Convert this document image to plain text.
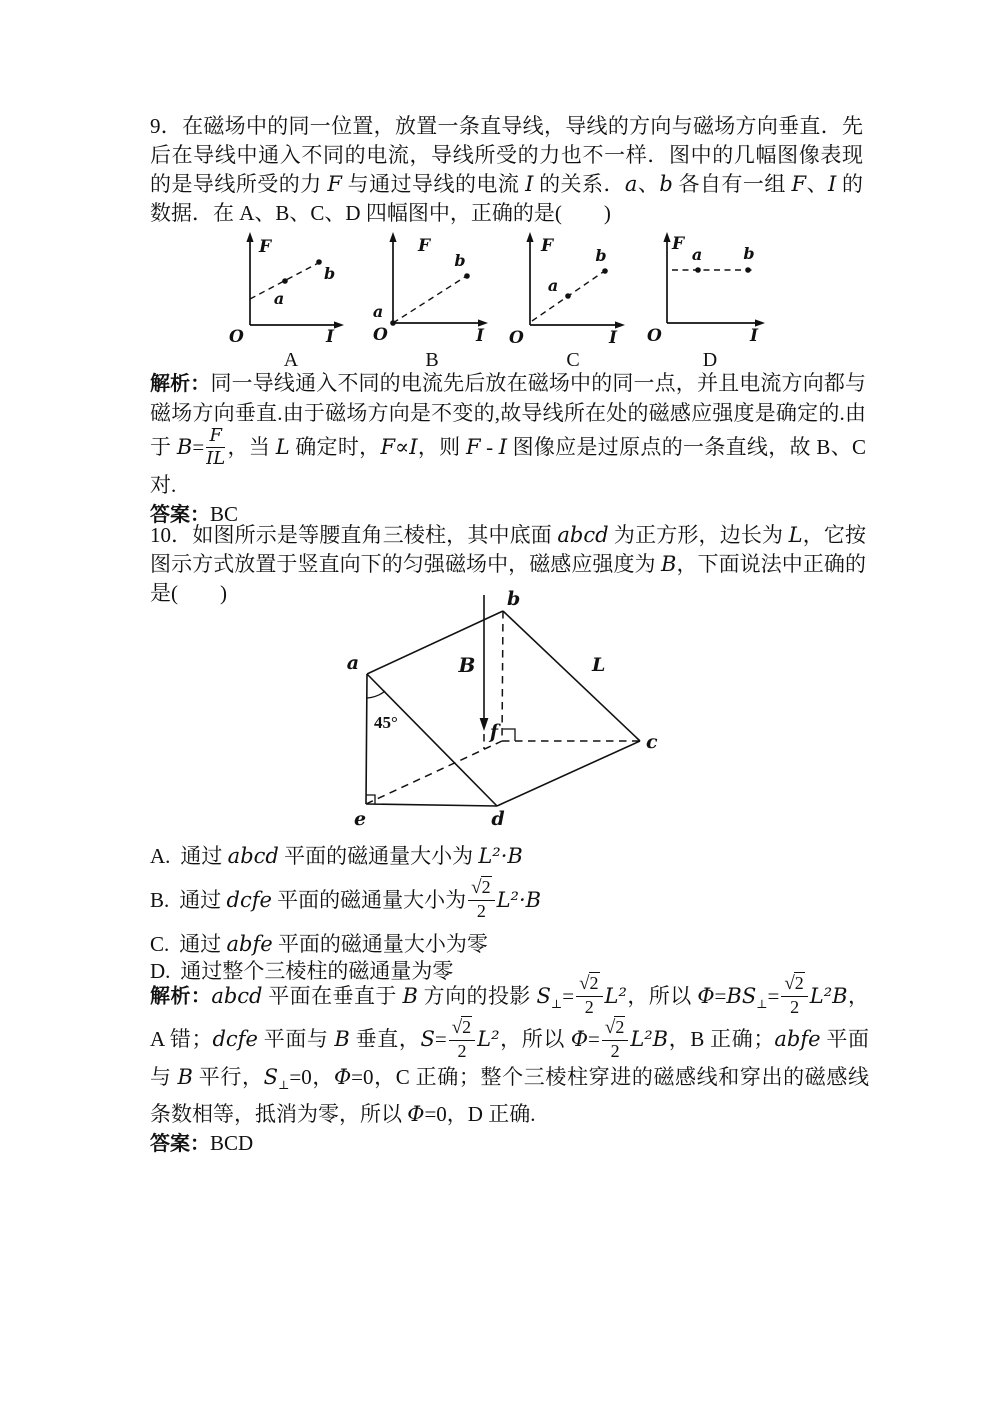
9．在磁场中的同一位置，放置一条直导线，导线的方向与磁场方向垂直．先后在导线中通入不同的电流，导线所受的力也不一样．图中的几幅图像表现的是导线所受的力 F 与通过导线的电流 I 的关系．a、b 各自有一组 F、I 的数据．在 A、B、C、D 四幅图中，正确的是(　　)

F
I
O
a
b
A
F
I
O
a
b
B
F
I
O
a
b
C
F
I
O
a	b
D

解析：同一导线通入不同的电流先后放在磁场中的同一点，并且电流方向都与磁场方向垂直.由于磁场方向是不变的,故导线所在处的磁感应强度是确定的.由于 $B= \frac{F}{IL}$ ，当 L 确定时，F∝I，则 F - I 图像应是过原点的一条直线，故 B、C 对.

答案：BC

10．如图所示是等腰直角三棱柱，其中底面 abcd 为正方形，边长为 L，它按图示方式放置于竖直向下的匀强磁场中，磁感应强度为 B，下面说法中正确的是(　　)

a
b
c
d
e
f
B	L
45°

A. 通过 abcd 平面的磁通量大小为 L²·B

B. 通过 dcfe 平面的磁通量大小为 $\frac{√2}{2} L^2\cdot B$

C. 通过 abfe 平面的磁通量大小为零

D. 通过整个三棱柱的磁通量为零

解析：abcd 平面在垂直于 B 方向的投影 $S_\perp= \frac{√2}{2} L^2$，所以 $\Phi=BS_\perp= \frac{√2}{2} L^2B$，A 错；dcfe 平面与 B 垂直，$S= \frac{√2}{2} L^2$，所以 $\Phi= \frac{√2}{2} L^2B$，B 正确；abfe 平面与 B 平行，$S_\perp=0$，Φ=0，C 正确；整个三棱柱穿进的磁感线和穿出的磁感线条数相等，抵消为零，所以 Φ=0，D 正确.

答案：BCD
